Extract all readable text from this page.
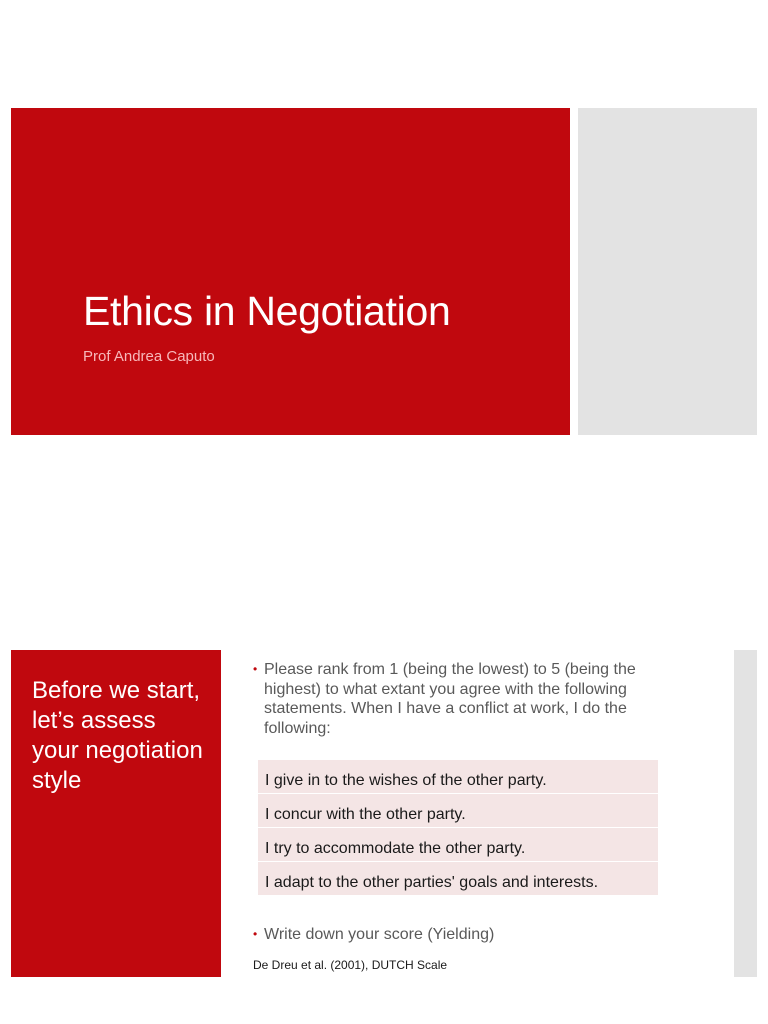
Ethics in Negotiation
Prof Andrea Caputo
Before we start, let’s assess your negotiation style
• Please rank from 1 (being the lowest) to 5 (being the highest) to what extant you agree with the following statements. When I have a conflict at work, I do the following:
I give in to the wishes of the other party.
I concur with the other party.
I try to accommodate the other party.
I adapt to the other parties' goals and interests.
• Write down your score (Yielding)
De Dreu et al. (2001), DUTCH Scale
